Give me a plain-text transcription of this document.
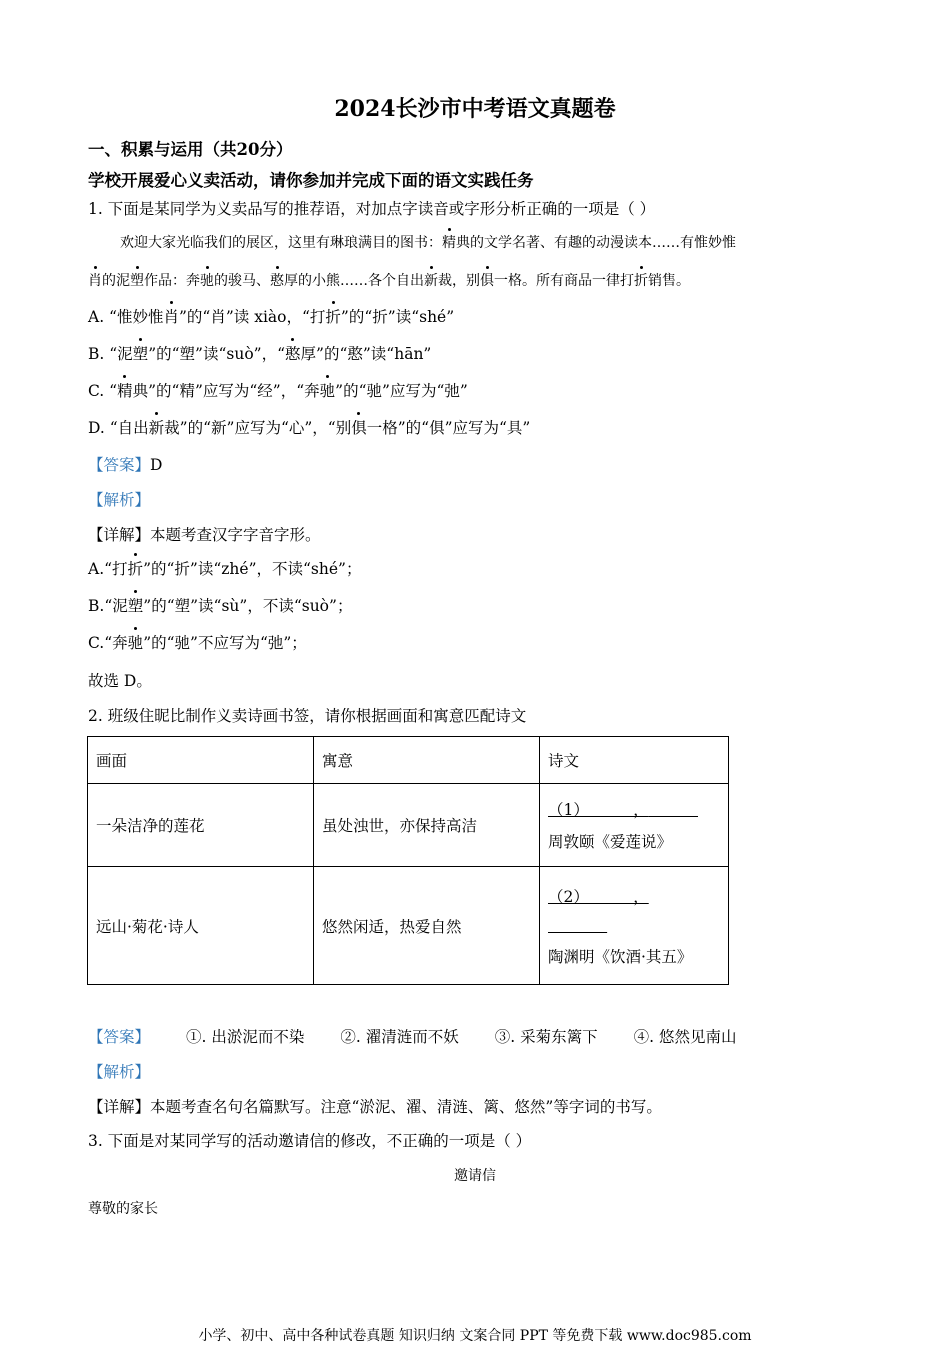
2024长沙市中考语文真题卷
一、积累与运用（共20分）
学校开展爱心义卖活动，请你参加并完成下面的语文实践任务
1. 下面是某同学为义卖品写的推荐语，对加点字读音或字形分析正确的一项是（ ）
欢迎大家光临我们的展区，这里有琳琅满目的图书：精典的文学名著、有趣的动漫读本……有惟妙惟
肖的泥塑作品：奔驰的骏马、憨厚的小熊……各个自出新裁，别俱一格。所有商品一律打折销售。
A. “惟妙惟肖”的“肖”读 xiào，“打折”的“折”读“shé”
B. “泥塑”的“塑”读“suò”，“憨厚”的“憨”读“hān”
C. “精典”的“精”应写为“经”，“奔驰”的“驰”应写为“弛”
D. “自出新裁”的“新”应写为“心”，“别俱一格”的“俱”应写为“具”
【答案】D
【解析】
【详解】本题考查汉字字音字形。
A.“打折”的“折”读“zhé”，不读“shé”；
B.“泥塑”的“塑”读“sù”，不读“suò”；
C.“奔驰”的“驰”不应写为“弛”；
故选 D。
2. 班级住昵比制作义卖诗画书签，请你根据画面和寓意匹配诗文
画面	寓意	诗文
一朵洁净的莲花	虽处浊世，亦保持高洁	（1）         ，
周敦颐《爱莲说》

远山·菊花·诗人	悠然闲适，热爱自然	（2）         ，

陶渊明《饮酒·其五》
【答案】 ①. 出淤泥而不染 ②. 濯清涟而不妖 ③. 采菊东篱下 ④. 悠然见南山
【解析】
【详解】本题考查名句名篇默写。注意“淤泥、濯、清涟、篱、悠然”等字词的书写。
3. 下面是对某同学写的活动邀请信的修改，不正确的一项是（ ）
邀请信
尊敬的家长
小学、初中、高中各种试卷真题 知识归纳 文案合同 PPT 等免费下载 www.doc985.com
